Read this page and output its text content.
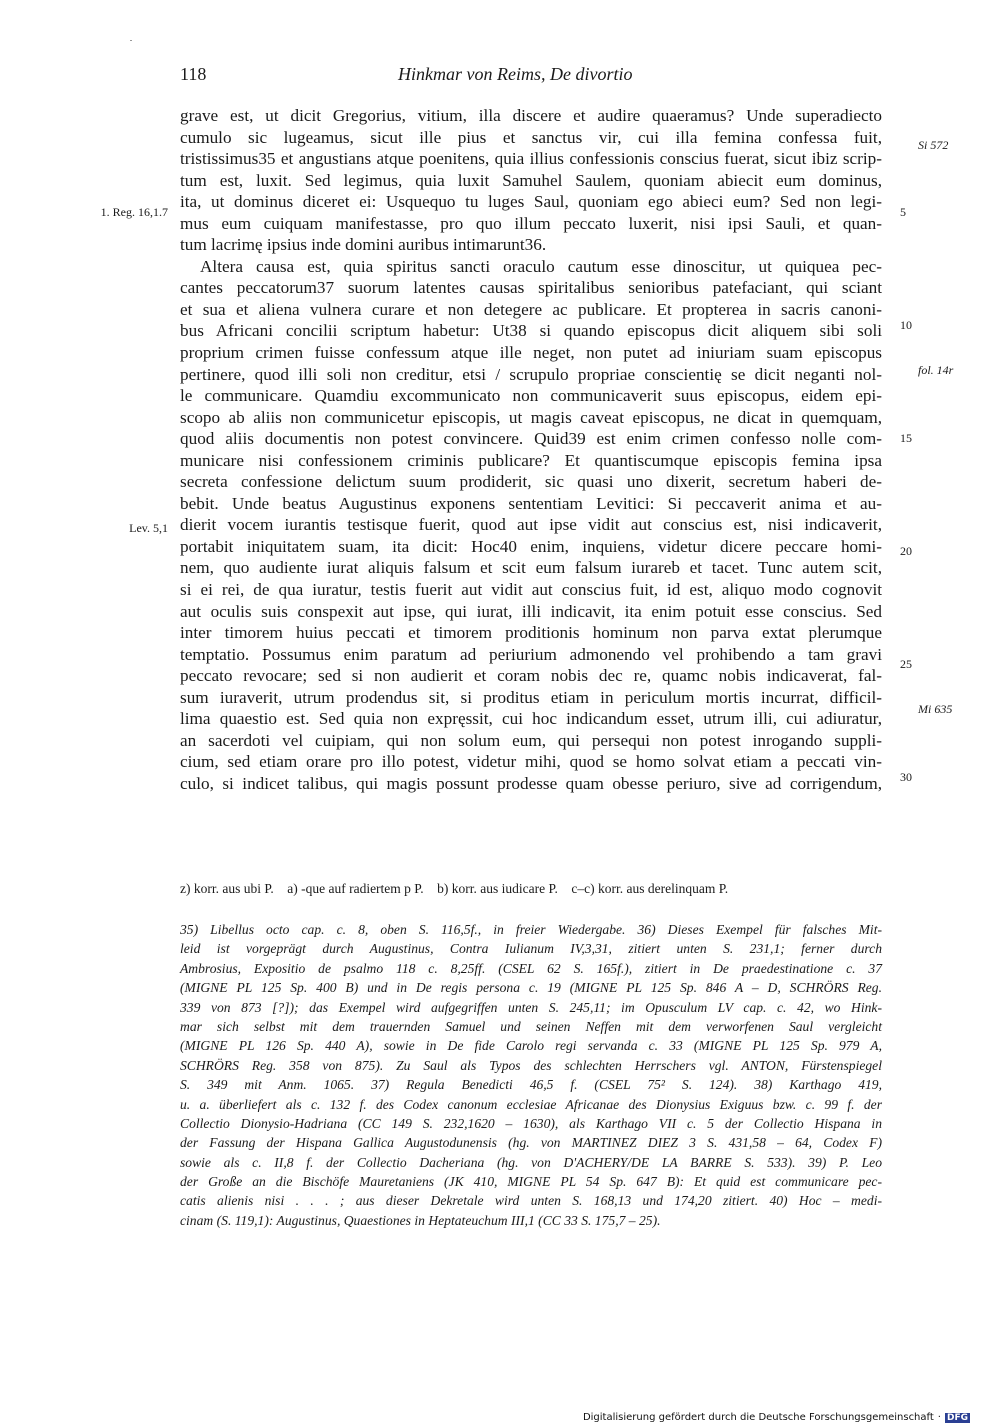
118	Hinkmar von Reims, De divortio
grave est, ut dicit Gregorius, vitium, illa discere et audire quaeramus? Unde superadiecto
cumulo sic lugeamus, sicut ille pius et sanctus vir, cui illa femina confessa fuit,
tristissimus35 et angustians atque poenitens, quia illius confessionis conscius fuerat, sicut ibiz scrip-
tum est, luxit. Sed legimus, quia luxit Samuhel Saulem, quoniam abiecit eum dominus,
ita, ut dominus diceret ei: Usquequo tu luges Saul, quoniam ego abieci eum? Sed non legi-
mus eum cuiquam manifestasse, pro quo illum peccato luxerit, nisi ipsi Sauli, et quan-
tum lacrimę ipsius inde domini auribus intimarunt36.
Altera causa est, quia spiritus sancti oraculo cautum esse dinoscitur, ut quiquea pec-
cantes peccatorum37 suorum latentes causas spiritalibus senioribus patefaciant, qui sciant
et sua et aliena vulnera curare et non detegere ac publicare. Et propterea in sacris canoni-
bus Africani concilii scriptum habetur: Ut38 si quando episcopus dicit aliquem sibi soli
proprium crimen fuisse confessum atque ille neget, non putet ad iniuriam suam episcopus
pertinere, quod illi soli non creditur, etsi / scrupulo propriae conscientię se dicit neganti nol-
le communicare. Quamdiu excommunicato non communicaverit suus episcopus, eidem epi-
scopo ab aliis non communicetur episcopis, ut magis caveat episcopus, ne dicat in quemquam,
quod aliis documentis non potest convincere. Quid39 est enim crimen confesso nolle com-
municare nisi confessionem criminis publicare? Et quantiscumque episcopis femina ipsa
secreta confessione delictum suum prodiderit, sic quasi uno dixerit, secretum haberi de-
bebit. Unde beatus Augustinus exponens sententiam Levitici: Si peccaverit anima et au-
dierit vocem iurantis testisque fuerit, quod aut ipse vidit aut conscius est, nisi indicaverit,
portabit iniquitatem suam, ita dicit: Hoc40 enim, inquiens, videtur dicere peccare homi-
nem, quo audiente iurat aliquis falsum et scit eum falsum iurareb et tacet. Tunc autem scit,
si ei rei, de qua iuratur, testis fuerit aut vidit aut conscius fuit, id est, aliquo modo cognovit
aut oculis suis conspexit aut ipse, qui iurat, illi indicavit, ita enim potuit esse conscius. Sed
inter timorem huius peccati et timorem proditionis hominum non parva extat plerumque
temptatio. Possumus enim paratum ad periurium admonendo vel prohibendo a tam gravi
peccato revocare; sed si non audierit et coram nobis dec re, quamc nobis indicaverat, fal-
sum iuraverit, utrum prodendus sit, si proditus etiam in periculum mortis incurrat, difficil-
lima quaestio est. Sed quia non expręssit, cui hoc indicandum esset, utrum illi, cui adiuratur,
an sacerdoti vel cuipiam, qui non solum eum, qui persequi non potest inrogando suppli-
cium, sed etiam orare pro illo potest, videtur mihi, quod se homo solvat etiam a peccati vin-
culo, si indicet talibus, qui magis possunt prodesse quam obesse periuro, sive ad corrigendum,
5
10
15
20
25
30
Si 572
fol. 14r
Mi 635
1. Reg. 16,1.7
Lev. 5,1
z) korr. aus ubi P.    a) -que auf radiertem p P.    b) korr. aus iudicare P.    c–c) korr. aus derelinquam P.
35) Libellus octo cap. c. 8, oben S. 116,5f., in freier Wiedergabe. 36) Dieses Exempel für falsches Mit-
leid ist vorgeprägt durch Augustinus, Contra Iulianum IV,3,31, zitiert unten S. 231,1; ferner durch
Ambrosius, Expositio de psalmo 118 c. 8,25ff. (CSEL 62 S. 165f.), zitiert in De praedestinatione c. 37
(MIGNE PL 125 Sp. 400 B) und in De regis persona c. 19 (MIGNE PL 125 Sp. 846 A – D, SCHRÖRS Reg.
339 von 873 [?]); das Exempel wird aufgegriffen unten S. 245,11; im Opusculum LV cap. c. 42, wo Hink-
mar sich selbst mit dem trauernden Samuel und seinen Neffen mit dem verworfenen Saul vergleicht
(MIGNE PL 126 Sp. 440 A), sowie in De fide Carolo regi servanda c. 33 (MIGNE PL 125 Sp. 979 A,
SCHRÖRS Reg. 358 von 875). Zu Saul als Typos des schlechten Herrschers vgl. ANTON, Fürstenspiegel
S. 349 mit Anm. 1065. 37) Regula Benedicti 46,5 f. (CSEL 75² S. 124). 38) Karthago 419,
u. a. überliefert als c. 132 f. des Codex canonum ecclesiae Africanae des Dionysius Exiguus bzw. c. 99 f. der
Collectio Dionysio-Hadriana (CC 149 S. 232,1620 – 1630), als Karthago VII c. 5 der Collectio Hispana in
der Fassung der Hispana Gallica Augustodunensis (hg. von MARTINEZ DIEZ 3 S. 431,58 – 64, Codex F)
sowie als c. II,8 f. der Collectio Dacheriana (hg. von D'ACHERY/DE LA BARRE S. 533). 39) P. Leo
der Große an die Bischöfe Mauretaniens (JK 410, MIGNE PL 54 Sp. 647 B): Et quid est communicare pec-
catis alienis nisi . . . ; aus dieser Dekretale wird unten S. 168,13 und 174,20 zitiert. 40) Hoc – medi-
cinam (S. 119,1): Augustinus, Quaestiones in Heptateuchum III,1 (CC 33 S. 175,7 – 25).
Digitalisierung gefördert durch die Deutsche Forschungsgemeinschaft · DFG
